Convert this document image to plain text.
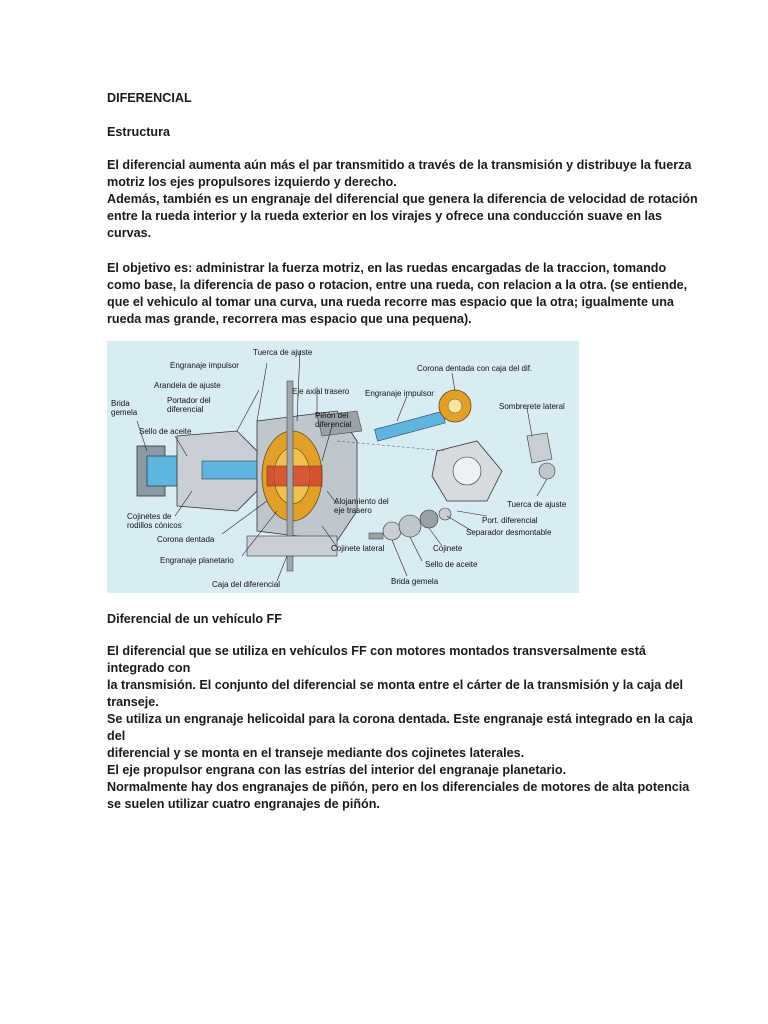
DIFERENCIAL
Estructura
El diferencial aumenta aún más el par transmitido a través de la transmisión y distribuye la fuerza
motriz los ejes propulsores izquierdo y derecho.
Además, también es un engranaje del diferencial que genera la diferencia de velocidad de rotación
entre la rueda interior y la rueda exterior en los virajes y ofrece una conducción suave en las
curvas.
El objetivo es: administrar la fuerza motriz, en las ruedas encargadas de la traccion, tomando
como base, la diferencia de paso o rotacion, entre una rueda, con relacion a la otra. (se entiende,
que el vehiculo al tomar una curva, una rueda recorre mas espacio que la otra; igualmente una
rueda mas grande, recorrera mas espacio que una pequena).
Tuerca de ajuste
Engranaje impulsor
Arandela de ajuste
Eje axial trasero
Portador del
diferencial
Brida
gemela
Sello de aceite
Piñón del
diferencial
Cojinetes de
rodillos cónicos
Corona dentada
Engranaje planetario
Caja del diferencial
Cojinete lateral
Alojamiento del
eje trasero
Corona dentada con caja del dif.
Engranaje impulsor
Sombrerete lateral
Tuerca de ajuste
Port. diferencial
Separador desmontable
Cojinete
Sello de aceite
Brida gemela
Diferencial de un vehículo FF
El diferencial que se utiliza en vehículos FF con motores montados transversalmente está
integrado con
la transmisión. El conjunto del diferencial se monta entre el cárter de la transmisión y la caja del
transeje.
Se utiliza un engranaje helicoidal para la corona dentada. Este engranaje está integrado en la caja
del
diferencial y se monta en el transeje mediante dos cojinetes laterales.
El eje propulsor engrana con las estrías del interior del engranaje planetario.
Normalmente hay dos engranajes de piñón, pero en los diferenciales de motores de alta potencia
se suelen utilizar cuatro engranajes de piñón.
